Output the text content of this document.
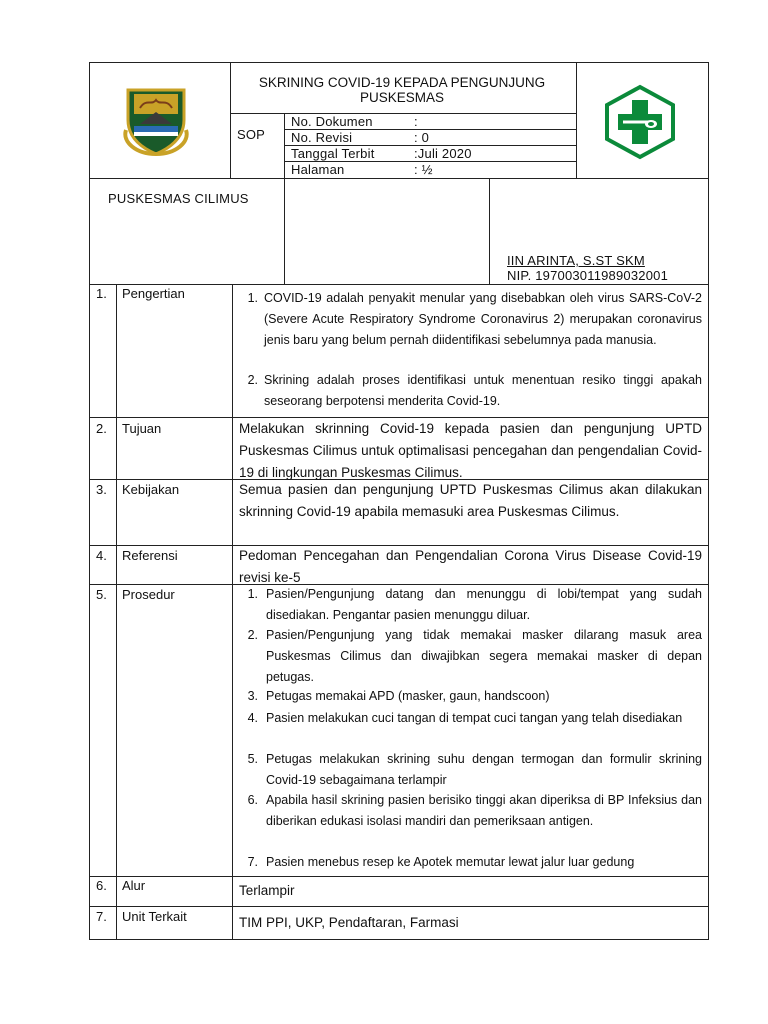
SKRINING COVID-19 KEPADA PENGUNJUNG PUSKESMAS
SOP
No. Dokumen	:
No. Revisi	: 0
Tanggal Terbit	:Juli 2020
Halaman	: ½
PUSKESMAS CILIMUS
IIN ARINTA, S.ST SKM
NIP. 197003011989032001
1. Pengertian	1. COVID-19 adalah penyakit menular yang disebabkan oleh virus SARS-CoV-2 (Severe Acute Respiratory Syndrome Coronavirus 2) merupakan coronavirus jenis baru yang belum pernah diidentifikasi sebelumnya pada manusia.
2. Skrining adalah proses identifikasi untuk menentuan resiko tinggi apakah seseorang berpotensi menderita Covid-19.
2. Tujuan	Melakukan skrinning Covid-19 kepada pasien dan pengunjung UPTD Puskesmas Cilimus untuk optimalisasi pencegahan dan pengendalian Covid-19 di lingkungan Puskesmas Cilimus.
3. Kebijakan	Semua pasien dan pengunjung UPTD Puskesmas Cilimus akan dilakukan skrinning Covid-19 apabila memasuki area Puskesmas Cilimus.
4. Referensi	Pedoman Pencegahan dan Pengendalian Corona Virus Disease Covid-19 revisi ke-5
5. Prosedur	1. Pasien/Pengunjung datang dan menunggu di lobi/tempat yang sudah disediakan. Pengantar pasien menunggu diluar.
2. Pasien/Pengunjung yang tidak memakai masker dilarang masuk area Puskesmas Cilimus dan diwajibkan segera memakai masker di depan petugas.
3. Petugas memakai APD (masker, gaun, handscoon)
4. Pasien melakukan cuci tangan di tempat cuci tangan yang telah disediakan
5. Petugas melakukan skrining suhu dengan termogan dan formulir skrining Covid-19 sebagaimana terlampir
6. Apabila hasil skrining pasien berisiko tinggi akan diperiksa di BP Infeksius dan diberikan edukasi isolasi mandiri dan pemeriksaan antigen.
7. Pasien menebus resep ke Apotek memutar lewat jalur luar gedung
6. Alur	Terlampir
7. Unit Terkait	TIM PPI, UKP, Pendaftaran, Farmasi
